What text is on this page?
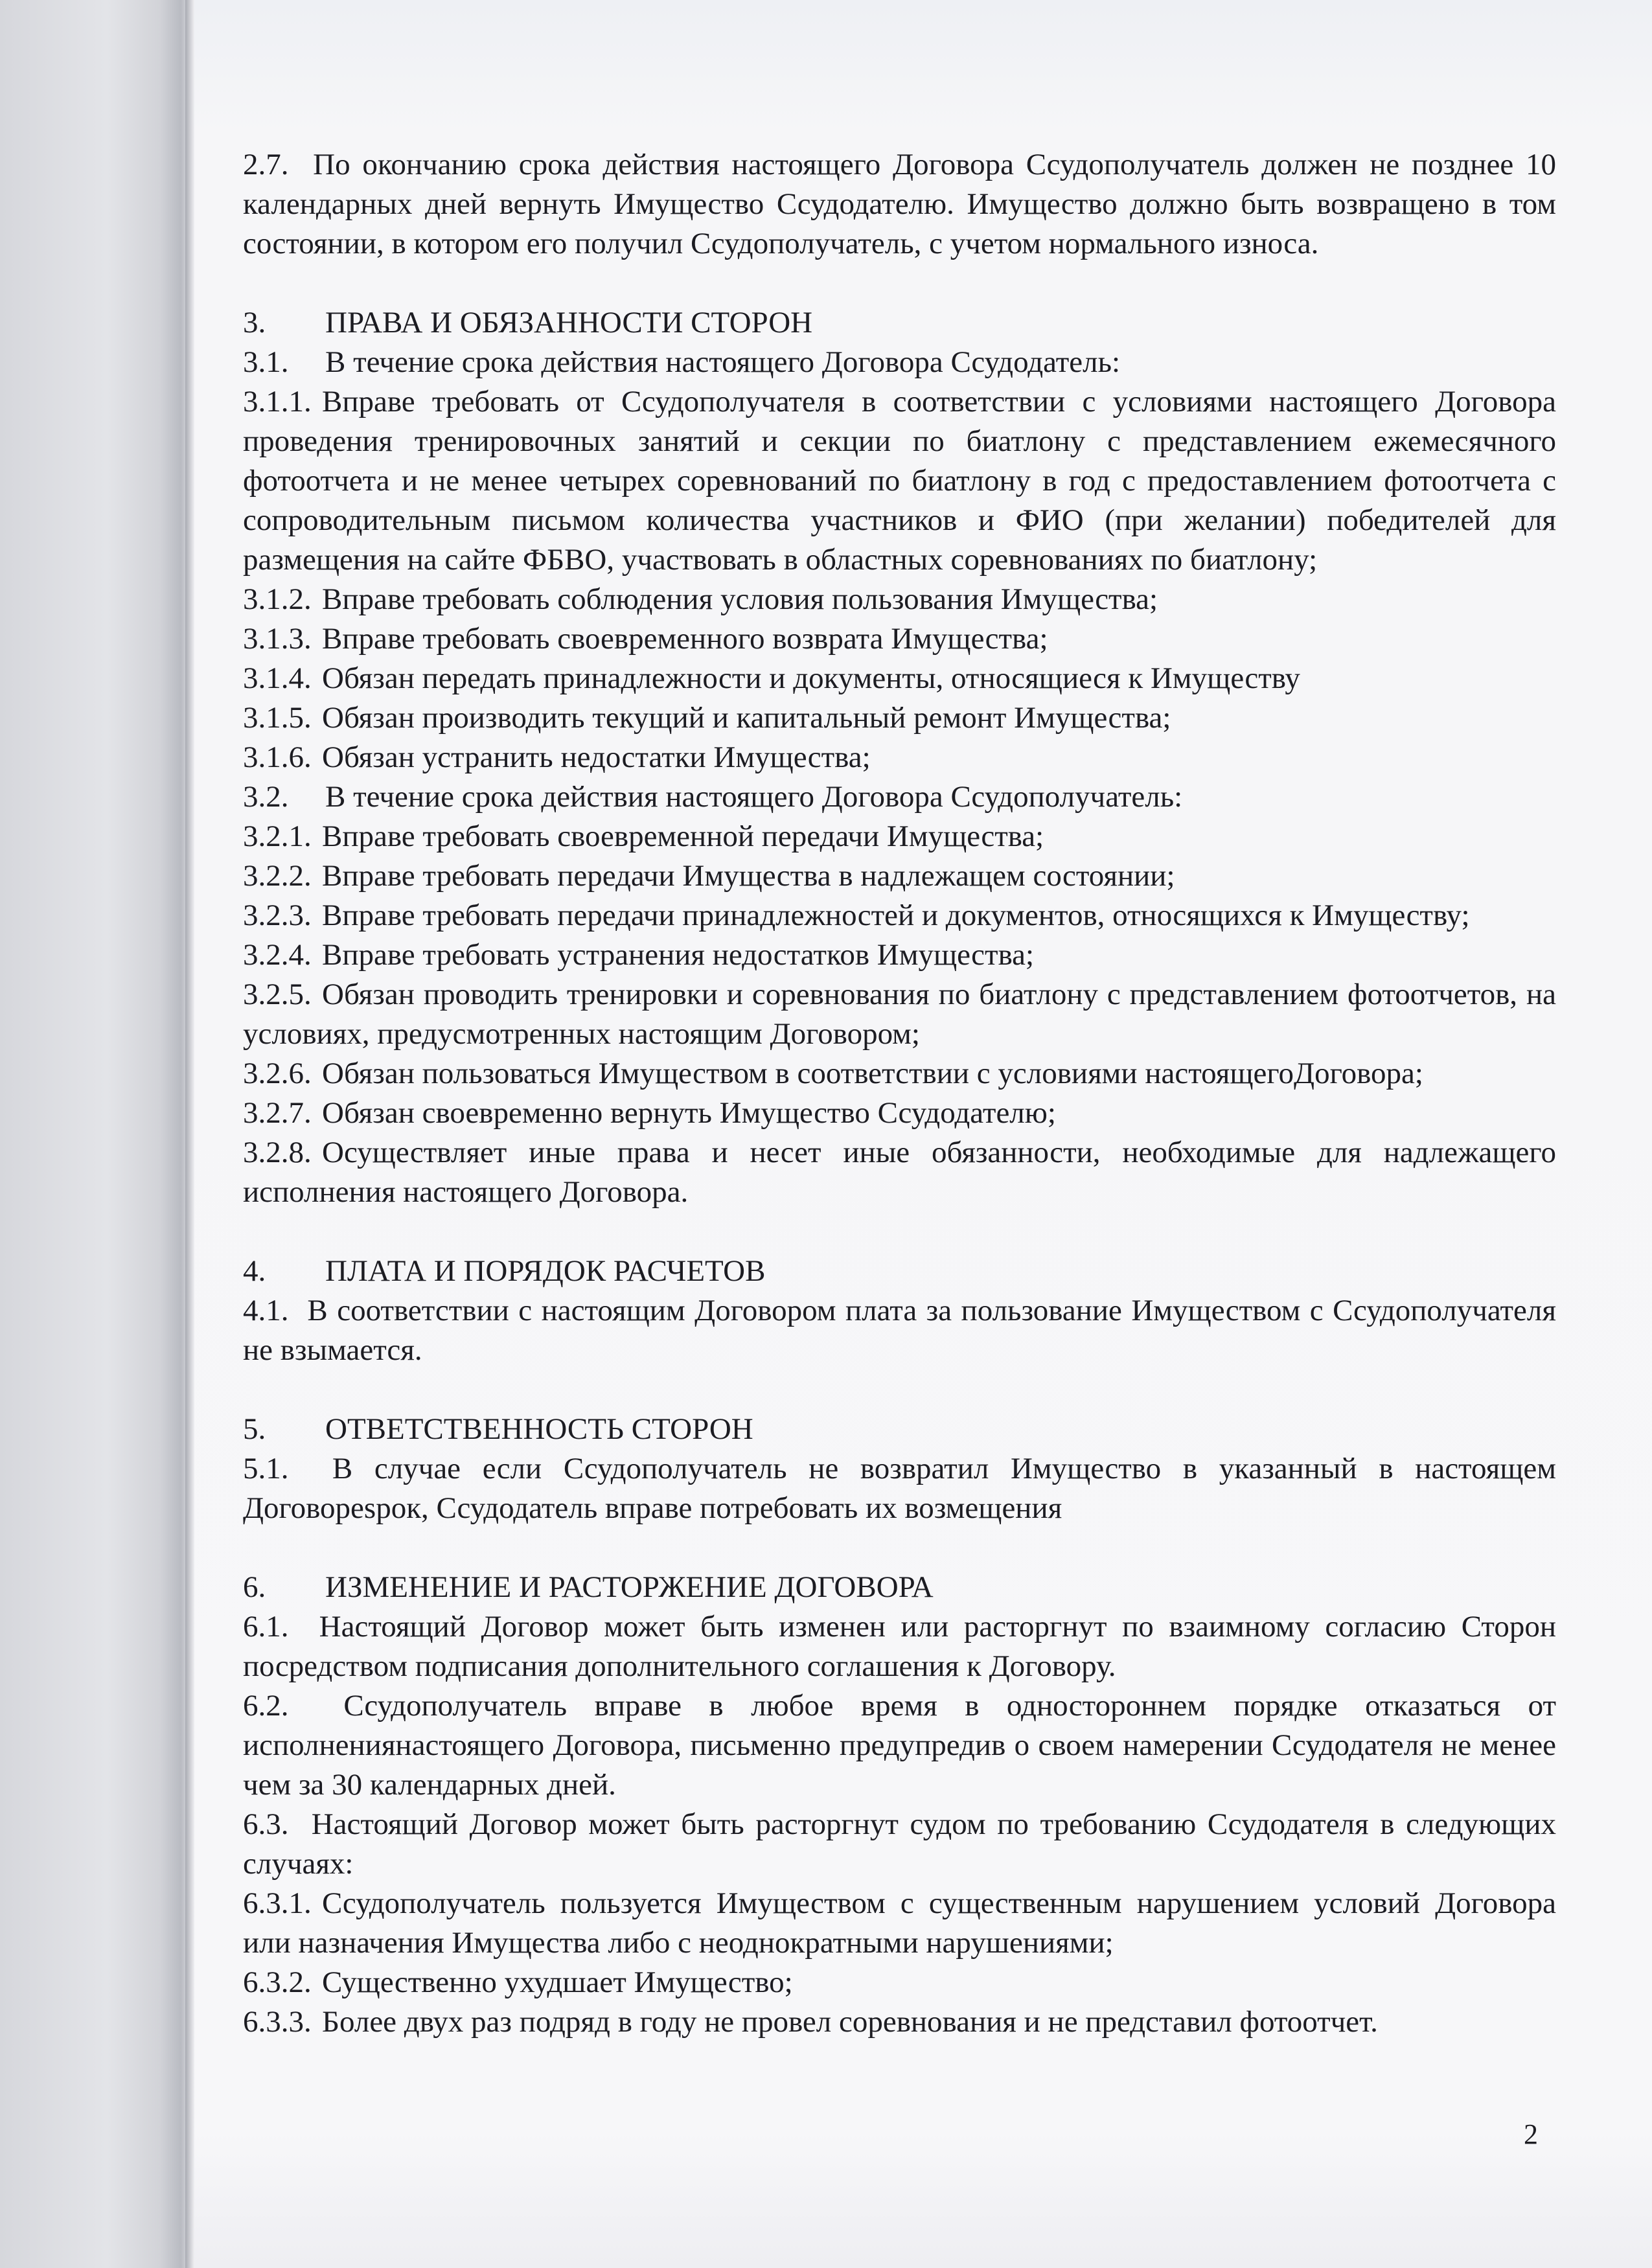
2.7. По окончанию срока действия настоящего Договора Ссудополучатель должен не позднее 10 календарных дней вернуть Имущество Ссудодателю. Имущество должно быть возвращено в том состоянии, в котором его получил Ссудополучатель, с учетом нормального износа.

3.	ПРАВА И ОБЯЗАННОСТИ СТОРОН
3.1.	В течение срока действия настоящего Договора Ссудодатель:

3.1.1. Вправе требовать от Ссудополучателя в соответствии с условиями настоящего Договора проведения тренировочных занятий и секции по биатлону с представлением ежемесячного фотоотчета и не менее четырех соревнований по биатлону в год с предоставлением фотоотчета с сопроводительным письмом количества участников и ФИО (при желании) победителей для размещения на сайте ФБВО, участвовать в областных соревнованиях по биатлону;

3.1.2. Вправе требовать соблюдения условия пользования Имущества;

3.1.3. Вправе требовать своевременного возврата Имущества;

3.1.4. Обязан передать принадлежности и документы, относящиеся к Имуществу

3.1.5. Обязан производить текущий и капитальный ремонт Имущества;

3.1.6. Обязан устранить недостатки Имущества;

3.2.	В течение срока действия настоящего Договора Ссудополучатель:

3.2.1. Вправе требовать своевременной передачи Имущества;

3.2.2. Вправе требовать передачи Имущества в надлежащем состоянии;

3.2.3. Вправе требовать передачи принадлежностей и документов, относящихся к Имуществу;

3.2.4. Вправе требовать устранения недостатков Имущества;

3.2.5. Обязан проводить тренировки и соревнования по биатлону с представлением фотоотчетов, на условиях, предусмотренных настоящим Договором;

3.2.6. Обязан пользоваться Имуществом в соответствии с условиями настоящегоДоговора;

3.2.7. Обязан своевременно вернуть Имущество Ссудодателю;

3.2.8. Осуществляет иные права и несет иные обязанности, необходимые для надлежащего исполнения настоящего Договора.

4.	ПЛАТА И ПОРЯДОК РАСЧЕТОВ

4.1. В соответствии с настоящим Договором плата за пользование Имуществом с Ссудополучателя не взымается.

5.	ОТВЕТСТВЕННОСТЬ СТОРОН

5.1. В случае если Ссудополучатель не возвратил Имущество в указанный в настоящем Договорesрок, Ссудодатель вправе потребовать их возмещения

6.	ИЗМЕНЕНИЕ И РАСТОРЖЕНИЕ ДОГОВОРА

6.1. Настоящий Договор может быть изменен или расторгнут по взаимному согласию Сторон посредством подписания дополнительного соглашения к Договору.

6.2. Ссудополучатель вправе в любое время в одностороннем порядке отказаться от исполнениянастоящего Договора, письменно предупредив о своем намерении Ссудодателя не менее чем за 30 календарных дней.

6.3. Настоящий Договор может быть расторгнут судом по требованию Ссудодателя в следующих случаях:

6.3.1. Ссудополучатель пользуется Имуществом с существенным нарушением условий Договора или назначения Имущества либо с неоднократными нарушениями;

6.3.2. Существенно ухудшает Имущество;

6.3.3. Более двух раз подряд в году не провел соревнования и не представил фотоотчет.

2
